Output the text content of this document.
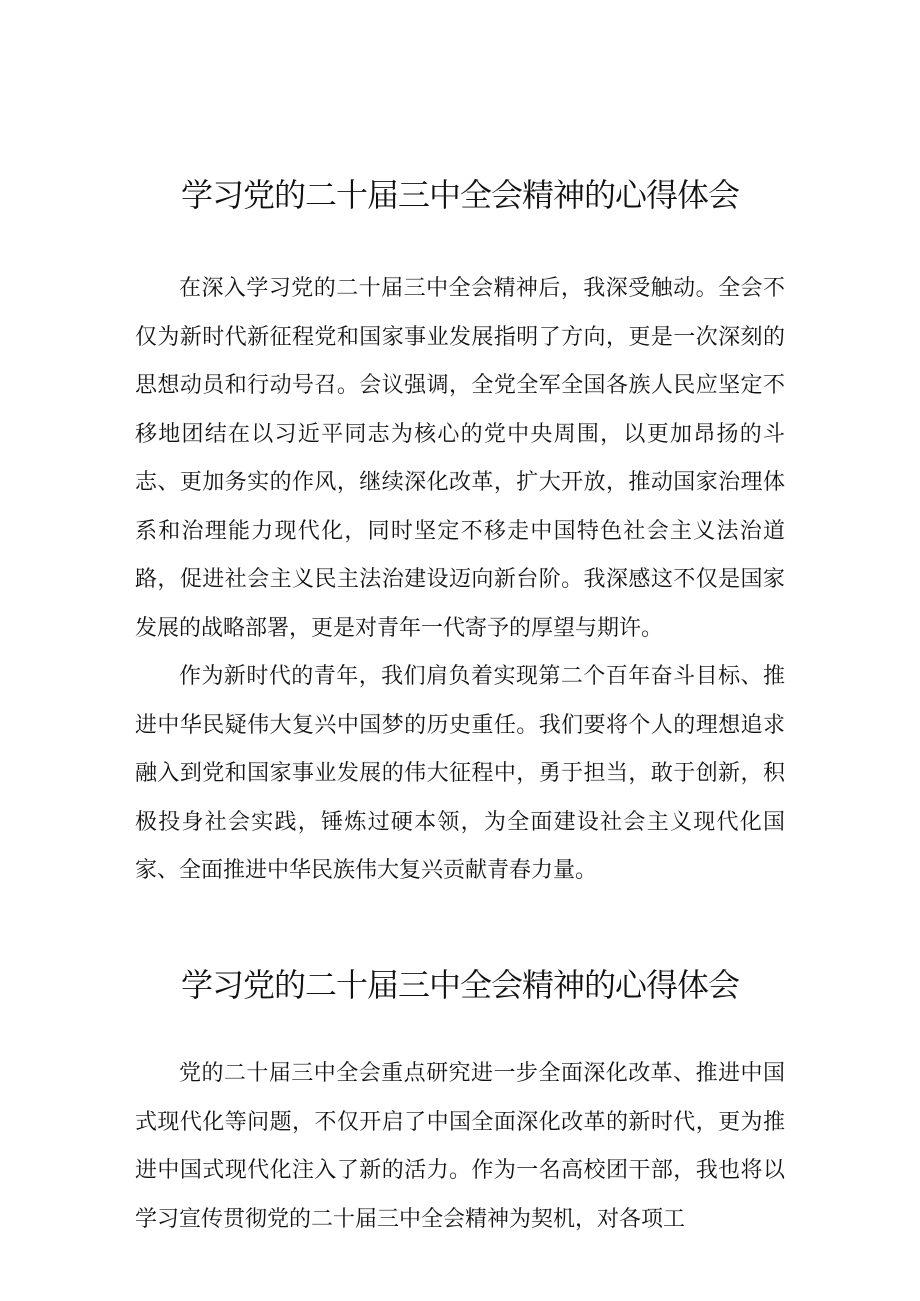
学习党的二十届三中全会精神的心得体会

在深入学习党的二十届三中全会精神后，我深受触动。全会不仅为新时代新征程党和国家事业发展指明了方向，更是一次深刻的思想动员和行动号召。会议强调，全党全军全国各族人民应坚定不移地团结在以习近平同志为核心的党中央周围，以更加昂扬的斗志、更加务实的作风，继续深化改革，扩大开放，推动国家治理体系和治理能力现代化，同时坚定不移走中国特色社会主义法治道路，促进社会主义民主法治建设迈向新台阶。我深感这不仅是国家发展的战略部署，更是对青年一代寄予的厚望与期许。

作为新时代的青年，我们肩负着实现第二个百年奋斗目标、推进中华民疑伟大复兴中国梦的历史重任。我们要将个人的理想追求融入到党和国家事业发展的伟大征程中，勇于担当，敢于创新，积极投身社会实践，锤炼过硬本领，为全面建设社会主义现代化国家、全面推进中华民族伟大复兴贡献青春力量。

学习党的二十届三中全会精神的心得体会

党的二十届三中全会重点研究进一步全面深化改革、推进中国式现代化等问题，不仅开启了中国全面深化改革的新时代，更为推进中国式现代化注入了新的活力。作为一名高校团干部，我也将以学习宣传贯彻党的二十届三中全会精神为契机，对各项工
